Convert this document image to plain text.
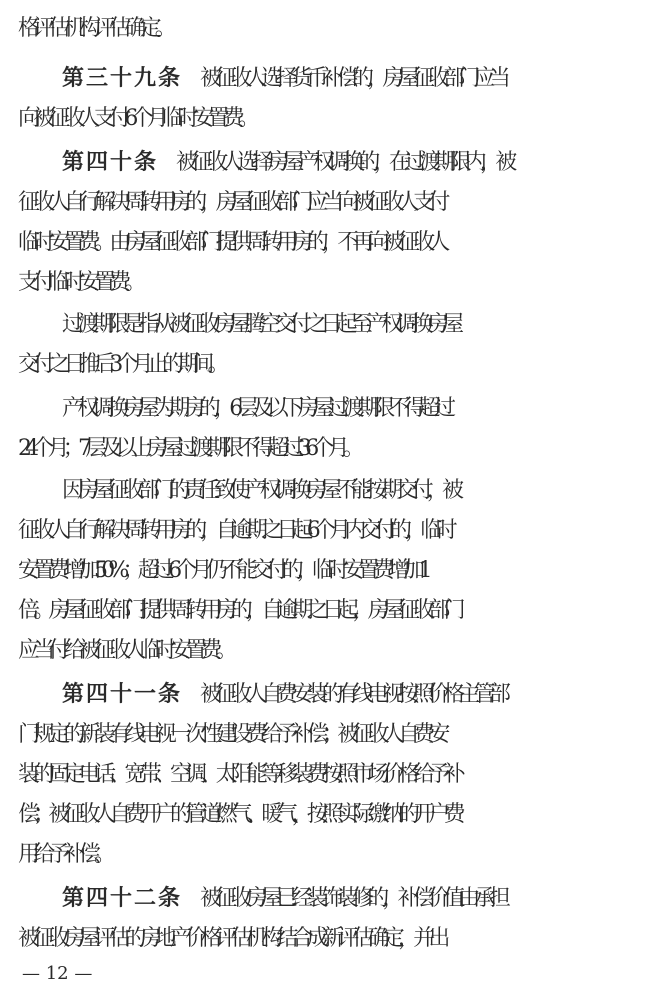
格评估机构评估确定。
第三十九条 被征收人选择货币补偿的，房屋征收部门应当
向被征收人支付6个月临时安置费。
第四十条 被征收人选择房屋产权调换的，在过渡期限内，被
征收人自行解决周转用房的，房屋征收部门应当向被征收人支付
临时安置费。由房屋征收部门提供周转用房的，不再向被征收人
支付临时安置费。
过渡期限是指从被征收房屋腾空交付之日起至产权调换房屋
交付之日推后3个月止的期间。
产权调换房屋为期房的，6层及以下房屋过渡期限不得超过
24个月；7层及以上房屋过渡期限不得超过36个月。
因房屋征收部门的责任致使产权调换房屋不能按期交付，被
征收人自行解决周转用房的，自逾期之日起6个月内交付的，临时
安置费增加50%；超过6个月仍不能交付的，临时安置费增加1
倍。房屋征收部门提供周转用房的，自逾期之日起，房屋征收部门
应当付给被征收人临时安置费。
第四十一条 被征收人自费安装的有线电视按照价格主管部
门规定的新装有线电视一次性建设费给予补偿；被征收人自费安
装的固定电话、宽带、空调、太阳能等移装费按照市场价格给予补
偿；被征收人自费开户的管道燃气、暖气，按照实际缴纳的开户费
用给予补偿。
第四十二条 被征收房屋已经装饰装修的，补偿价值由承担
被征收房屋评估的房地产价格评估机构结合成新评估确定，并出
— 12 —
